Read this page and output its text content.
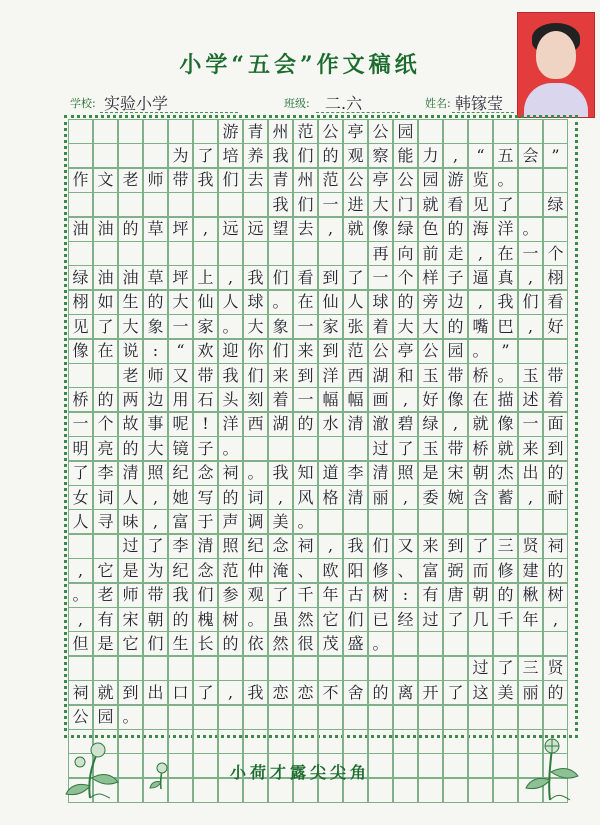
小学“五会”作文稿纸
学校: 实验小学	班级: 二.六	姓名: 韩镓莹
游 青 州 范 公 亭 公 园
为 了 培 养 我 们 的 观 察 能 力 ,	“ 五 会 ”
作 文 老 师 带 我 们 去 青 州 范 公 亭 公 园 游 览 。
我 们 一 进 大 门 就 看 见 了 绿
油 油 的 草 坪 , 远 远 望 去 , 就 像 绿 色 的 海 洋 。
再 向 前 走 , 在 一 个
绿 油 油 草 坪 上 , 我 们 看 到 了 一 个 样 子 逼 真 , 栩
栩 如 生 的 大 仙 人 球 。 在 仙 人 球 的 旁 边 , 我 们 看
见 了 大 象 一 家 。 大 象 一 家 张 着 大 大 的 嘴 巴 , 好
像 在 说 :	“ 欢 迎 你 们 来 到 范 公 亭 公 园 。 ”
老 师 又 带 我 们 来 到 洋 西 湖 和 玉 带 桥 。 玉 带
桥 的 两 边 用 石 头 刻 着 一 幅 幅 画 , 好 像 在 描 述 着
一 个 故 事 呢 ! 洋 西 湖 的 水 清 澈 碧 绿 , 就 像 一 面
明 亮 的 大 镜 子 。	过 了 玉 带 桥 就 来 到
了 李 清 照 纪 念 祠 。 我 知 道 李 清 照 是 宋 朝 杰 出 的
女 词 人 , 她 写 的 词 , 风 格 清 丽 , 委 婉 含 蓄 , 耐
人 寻 味 , 富 于 声 调 美 。
过 了 李 清 照 纪 念 祠 , 我 们 又 来 到 了 三 贤 祠
, 它 是 为 纪 念 范 仲 淹 、 欧 阳 修 、 富 弼 而 修 建 的
。 老 师 带 我 们 参 观 了 千 年 古 树 : 有 唐 朝 的 楸 树
, 有 宋 朝 的 槐 树 。 虽 然 它 们 已 经 过 了 几 千 年 ,
但 是 它 们 生 长 的 依 然 很 茂 盛 。
过 了 三 贤
祠 就 到 出 口 了 , 我 恋 恋 不 舍 的 离 开 了 这 美 丽 的
公 园 。
小荷才露尖尖角
